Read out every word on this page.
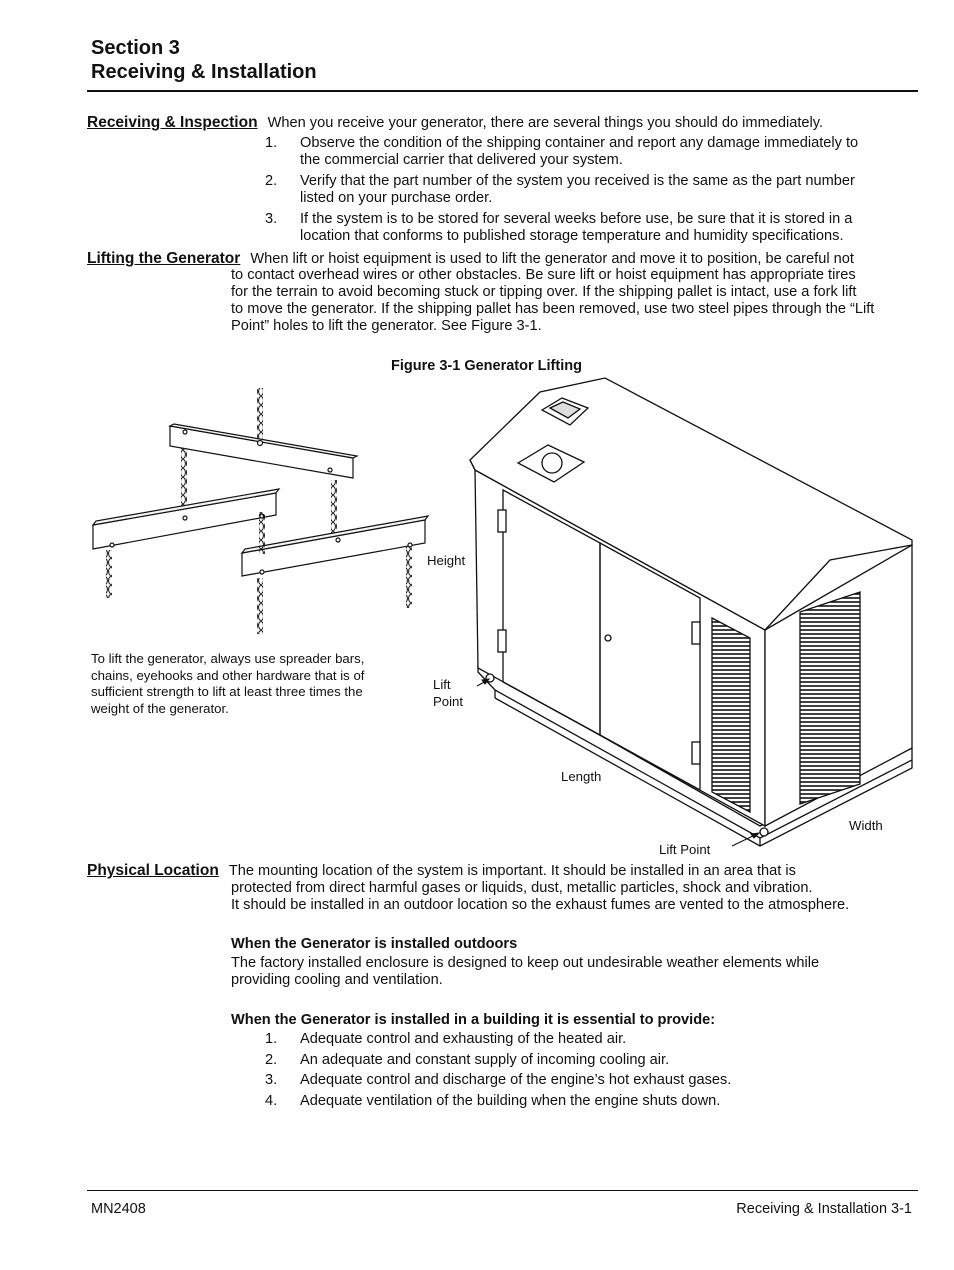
Section 3
Receiving & Installation
Receiving & Inspection When you receive your generator, there are several things you should do immediately.
1.	Observe the condition of the shipping container and report any damage immediately to
the commercial carrier that delivered your system.
2.	Verify that the part number of the system you received is the same as the part number
listed on your purchase order.
3.	If the system is to be stored for several weeks before use, be sure that it is stored in a
location that conforms to published storage temperature and humidity specifications.
Lifting the Generator When lift or hoist equipment is used to lift the generator and move it to position, be careful not
to contact overhead wires or other obstacles. Be sure lift or hoist equipment has appropriate tires
for the terrain to avoid becoming stuck or tipping over. If the shipping pallet is intact, use a fork lift
to move the generator. If the shipping pallet has been removed, use two steel pipes through the “Lift
Point” holes to lift the generator. See Figure 3-1.
Figure 3-1 Generator Lifting
To lift the generator, always use spreader bars,
chains, eyehooks and other hardware that is of
sufficient strength to lift at least three times the
weight of the generator.
Height
Lift
Point
Length
Width
Lift Point
Physical Location The mounting location of the system is important. It should be installed in an area that is
protected from direct harmful gases or liquids, dust, metallic particles, shock and vibration.
It should be installed in an outdoor location so the exhaust fumes are vented to the atmosphere.
When the Generator is installed outdoors
The factory installed enclosure is designed to keep out undesirable weather elements while
providing cooling and ventilation.
When the Generator is installed in a building it is essential to provide:
1.	Adequate control and exhausting of the heated air.
2.	An adequate and constant supply of incoming cooling air.
3.	Adequate control and discharge of the engine’s hot exhaust gases.
4.	Adequate ventilation of the building when the engine shuts down.
MN2408	Receiving & Installation 3-1
